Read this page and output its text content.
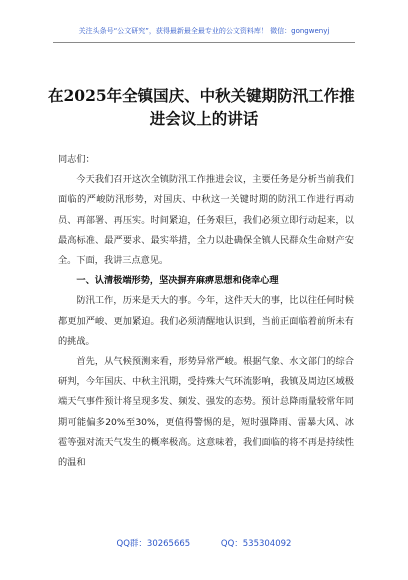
关注头条号“公文研究”，获得最新最全最专业的公文资料库！ 微信：gongwenyj
在2025年全镇国庆、中秋关键期防汛工作推
进会议上的讲话

同志们：

今天我们召开这次全镇防汛工作推进会议，主要任务是分析当前我们面临的严峻防汛形势，对国庆、中秋这一关键时期的防汛工作进行再动员、再部署、再压实。时间紧迫，任务艰巨，我们必须立即行动起来，以最高标准、最严要求、最实举措，全力以赴确保全镇人民群众生命财产安全。下面，我讲三点意见。

一、认清极端形势，坚决摒弃麻痹思想和侥幸心理

防汛工作，历来是天大的事。今年，这件天大的事，比以往任何时候都更加严峻、更加紧迫。我们必须清醒地认识到，当前正面临着前所未有的挑战。

首先，从气候预测来看，形势异常严峻。根据气象、水文部门的综合研判，今年国庆、中秋主汛期，受持殊大气环流影响，我镇及周边区域极端天气事件预计将呈现多发、频发、强发的态势。预计总降雨量较常年同期可能偏多20%至30%，更值得警惕的是，短时强降雨、雷暴大风、冰雹等强对流天气发生的概率极高。这意味着，我们面临的将不再是持续性的温和

QQ群：30265665	QQ：535304092
